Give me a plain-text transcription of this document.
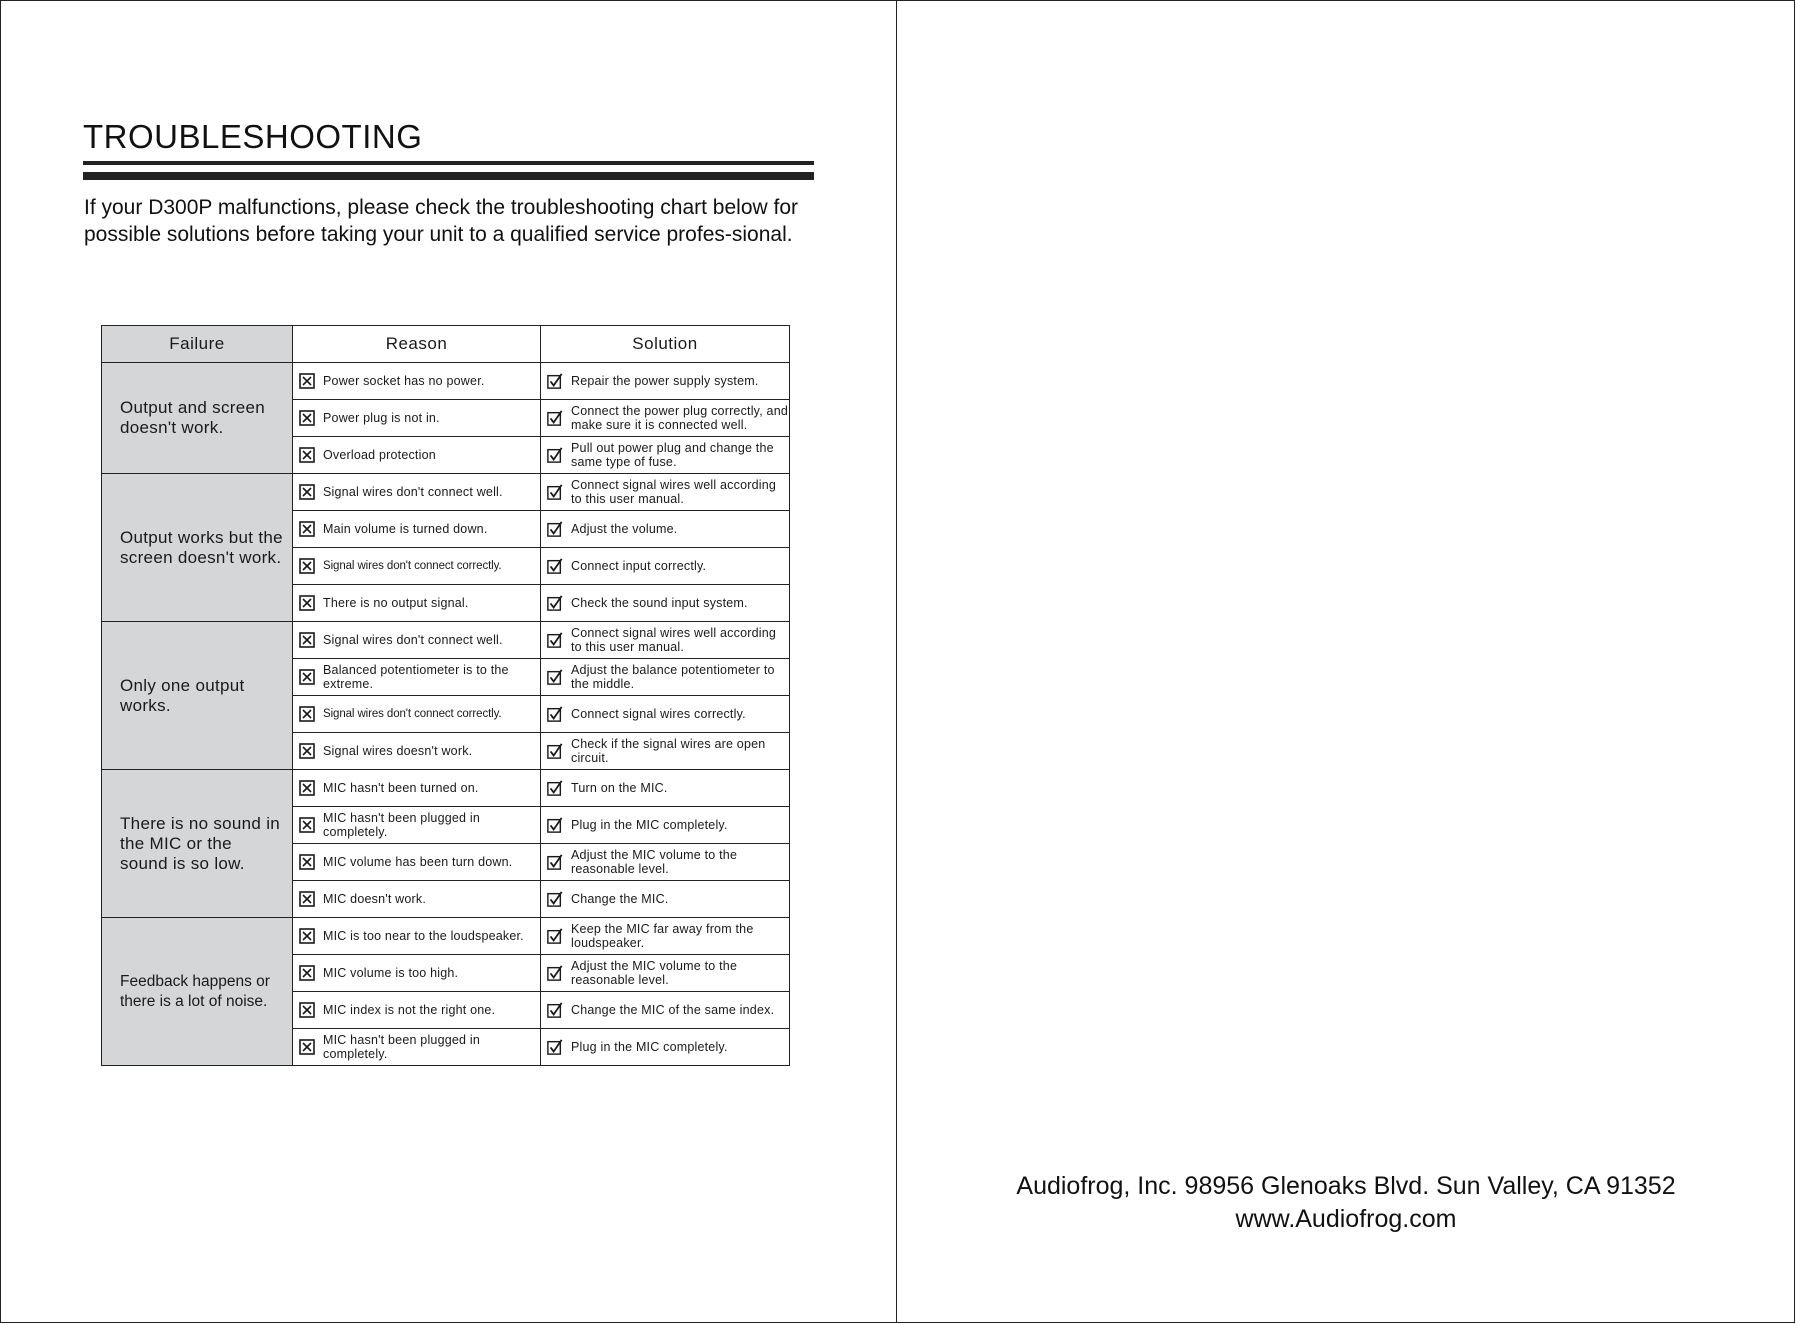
TROUBLESHOOTING
If your D300P malfunctions, please check the troubleshooting chart below for possible solutions before taking your unit to a qualified service profes-sional.
Failure	Reason	Solution
Output and screen doesn't work.	Power socket has no power.	Repair the power supply system.

	Power plug is not in.	Connect the power plug correctly, and make sure it is connected well.

	Overload protection	Pull out power plug and change the same type of fuse.

Output works but the screen doesn't work.	Signal wires don't connect well.	Connect signal wires well according to this user manual.

	Main volume is turned down.	Adjust the volume.

	Signal wires don't connect correctly.	Connect input correctly.

	There is no output signal.	Check the sound input system.

Only one output works.	Signal wires don't connect well.	Connect signal wires well according to this user manual.

	Balanced potentiometer is to the extreme.	Adjust the balance potentiometer to the middle.

	Signal wires don't connect correctly.	Connect signal wires correctly.

	Signal wires doesn't work.	Check if the signal wires are open circuit.

There is no sound in the MIC or the sound is so low.	MIC hasn't been turned on.	Turn on the MIC.

	MIC hasn't been plugged in completely.	Plug in the MIC completely.

	MIC volume has been turn down.	Adjust the MIC volume to the reasonable level.

	MIC doesn't work.	Change the MIC.

Feedback happens or there is a lot of noise.	MIC is too near to the loudspeaker.	Keep the MIC far away from the loudspeaker.

	MIC volume is too high.	Adjust the MIC volume to the reasonable level.

	MIC index is not the right one.	Change the MIC of the same index.

	MIC hasn't been plugged in completely.	Plug in the MIC completely.
Audiofrog, Inc. 98956 Glenoaks Blvd. Sun Valley, CA 91352
www.Audiofrog.com
